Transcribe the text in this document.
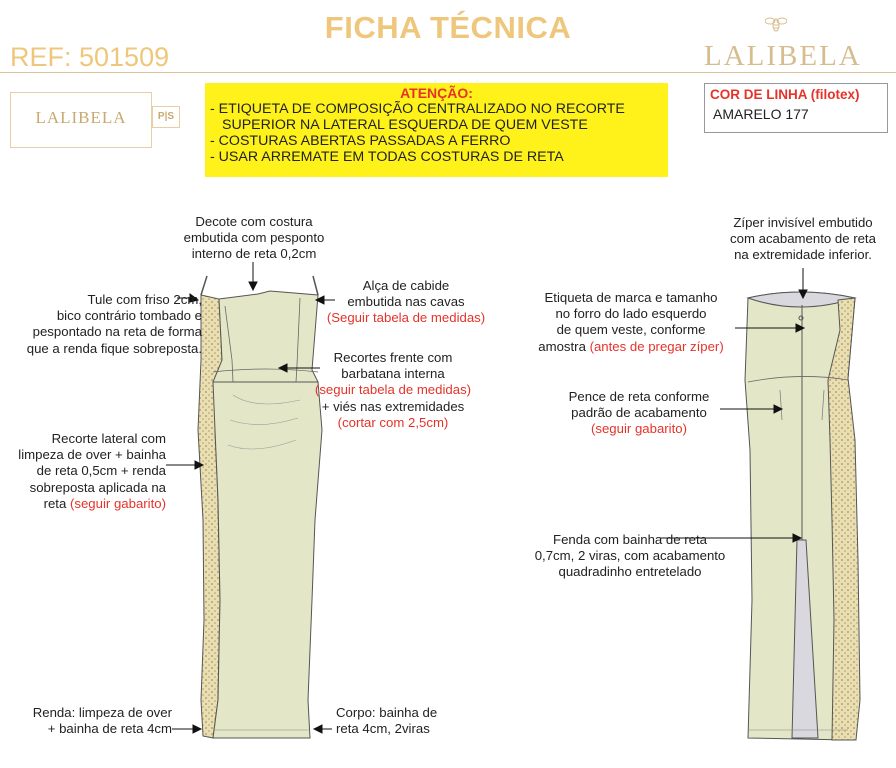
FICHA TÉCNICA
REF: 501509	LALIBELA
LALIBELA	P|S
ATENÇÃO:
- ETIQUETA DE COMPOSIÇÃO CENTRALIZADO NO RECORTE
SUPERIOR NA LATERAL ESQUERDA DE QUEM VESTE
- COSTURAS ABERTAS PASSADAS A FERRO
- USAR ARREMATE EM TODAS COSTURAS DE RETA
COR DE LINHA (filotex)
AMARELO 177
Decote com costura
embutida com pesponto
interno de reta 0,2cm
Alça de cabide
embutida nas cavas
(Seguir tabela de medidas)
Tule com friso 2cm,
bico contrário tombado e
pespontado na reta de forma
que a renda fique sobreposta.
Recortes frente com
barbatana interna
(seguir tabela de medidas)
+ viés nas extremidades
(cortar com 2,5cm)
Recorte lateral com
limpeza de over + bainha
de reta 0,5cm + renda
sobreposta aplicada na
reta (seguir gabarito)
Renda: limpeza de over
+ bainha de reta 4cm
Corpo: bainha de
reta 4cm, 2viras
Zíper invisível embutido
com acabamento de reta
na extremidade inferior.
Etiqueta de marca e tamanho
no forro do lado esquerdo
de quem veste, conforme
amostra (antes de pregar zíper)
Pence de reta conforme
padrão de acabamento
(seguir gabarito)
Fenda com bainha de reta
0,7cm, 2 viras, com acabamento
quadradinho entretelado
